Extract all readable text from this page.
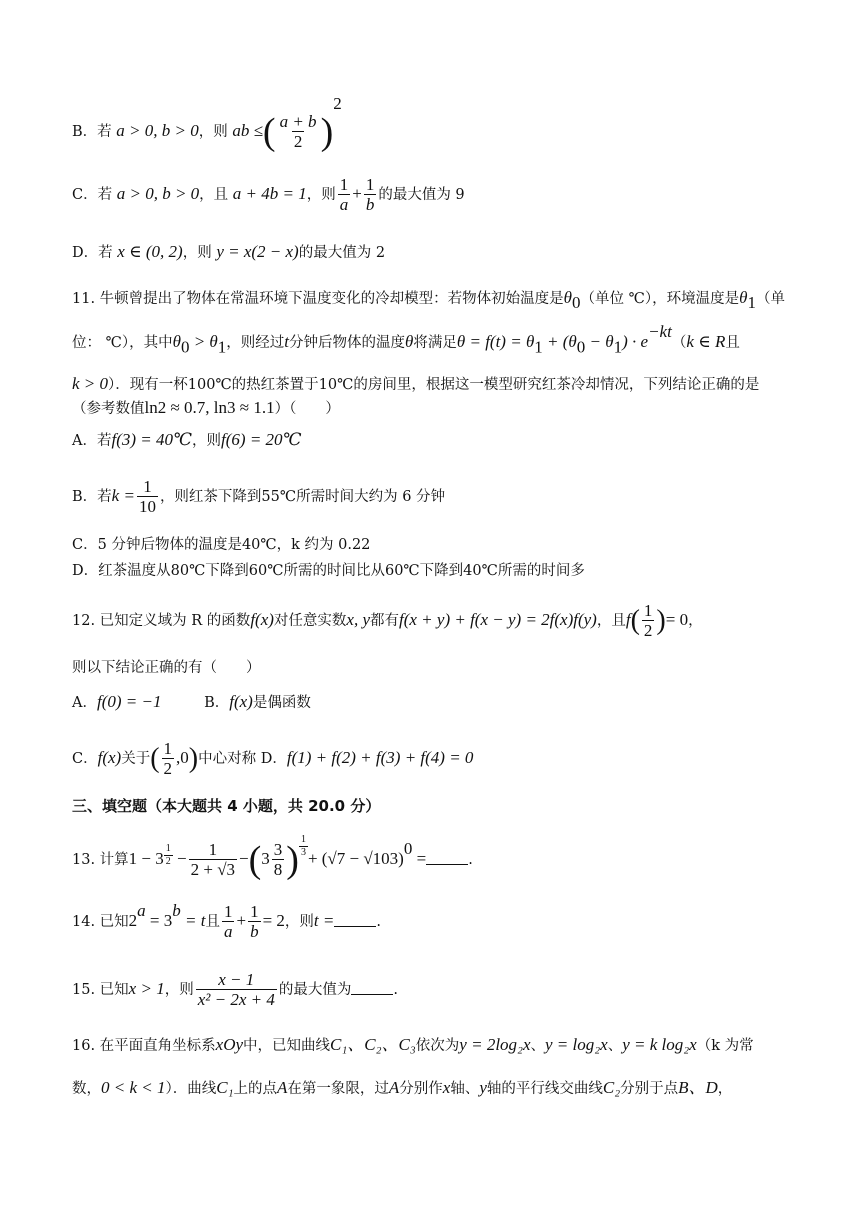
B．若 a > 0, b > 0，则 ab ≤( $\frac{a + b}{2} )^2$
C．若 a > 0, b > 0，且 a + 4b = 1，则 $\frac{1}{a} + \frac{1}{b}$ 的最大值为 9
D．若 x ∈ (0, 2)，则 y = x(2 − x)的最大值为 2
11. 牛顿曾提出了物体在常温环境下温度变化的冷却模型：若物体初始温度是$\theta_0$（单位 ℃），环境温度是$\theta_1$（单
位： ℃），其中$\theta_0 > \theta_1$，则经过t分钟后物体的温度θ将满足$\theta = f(t) = \theta_1 + (\theta_0 - \theta_1) \cdot e^{-kt}(k$ ∈ R且
k > 0）．现有一杯100℃的热红茶置于10℃的房间里，根据这一模型研究红茶冷却情况，下列结论正确的是
（参考数值ln2 ≈ 0.7, ln3 ≈ 1.1）（　　）
A．若f(3) = 40℃，则f(6) = 20℃
B．若$k = \frac{1}{10}$ ，则红茶下降到55℃所需时间大约为 6 分钟
C．5 分钟后物体的温度是40℃，k 约为 0.22
D．红茶温度从80℃下降到60℃所需的时间比从60℃下降到40℃所需的时间多
12. 已知定义域为 R 的函数f(x)对任意实数x, y都有f(x + y) + f(x − y) = 2f(x)f(y)，且$f( \frac{1}{2}$ )= 0，
则以下结论正确的有（　　）
A．f(0) = −1	B．f(x)是偶函数
C．f(x)关于( $\frac{1}{2} ,0$)中心对称 D．f(1) + f(2) + f(3) + f(4) = 0
三、填空题（本大题共 4 小题，共 20.0 分）
13. 计算1 − 3 $^{\frac{1}{2}} - \frac{1}{2 + √3} -(3 \frac{3}{8}$ ) $^{\frac{1}{3}}$
+ $(√7 - √103)^0$ =	.
14. 已知$2^a = 3^b = t$且 $\frac{1}{a} + \frac{1}{b} = 2$，则t =	.
15. 已知x > 1，则 $\frac{x - 1}{\text{x² − 2x + 4}}$ 的最大值为	.
16. 在平面直角坐标系xOy中，已知曲线C₁、C₂、C₃依次为y = 2log₂x、y = log₂x、y = k log₂x（k 为常
数，0 < k < 1）．曲线C₁上的点A在第一象限，过A分别作x轴、y轴的平行线交曲线C₂分别于点B、D，
